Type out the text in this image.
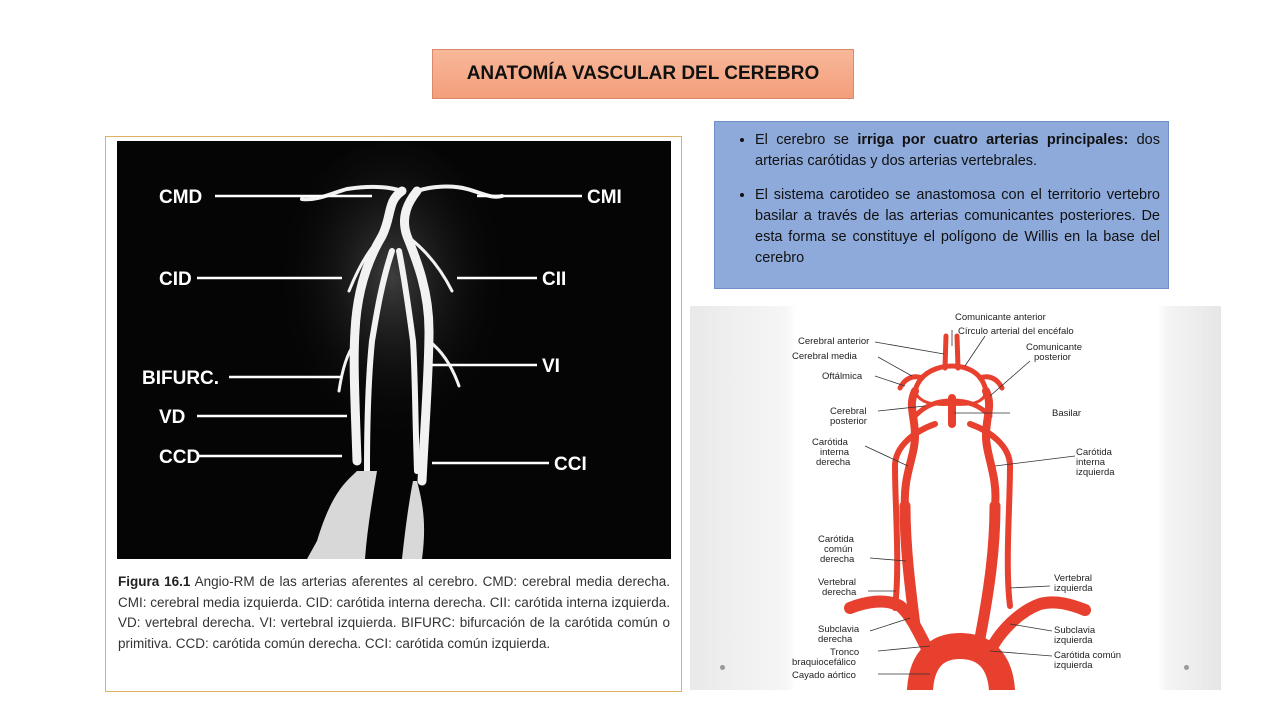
ANATOMÍA VASCULAR DEL CEREBRO
CMD	CMI
CID	CII
BIFURC.
VI
VD
CCD	CCI
Figura 16.1 Angio-RM de las arterias aferentes al cerebro. CMD: cerebral media derecha. CMI: cerebral media izquierda. CID: carótida interna derecha. CII: carótida interna izquierda. VD: vertebral derecha. VI: vertebral izquierda. BIFURC: bifurcación de la carótida común o primitiva. CCD: carótida común derecha. CCI: carótida común izquierda.
• El cerebro se irriga por cuatro arterias principales: dos arterias carótidas y dos arterias vertebrales.
• El sistema carotideo se anastomosa con el territorio vertebro basilar a través de las arterias comunicantes posteriores. De esta forma se constituye el polígono de Willis en la base del cerebro
Comunicante anterior
Círculo arterial del encéfalo
Cerebral anterior
Cerebral media
Comunicante
posterior
Oftálmica
Cerebral
posterior
Basilar
Carótida
interna
derecha
Carótida
interna
izquierda
Carótida
común
derecha
Vertebral
derecha
Vertebral
izquierda
Subclavia
derecha
Subclavia
izquierda
Tronco
braquiocefálico
Carótida común
izquierda
Cayado aórtico
